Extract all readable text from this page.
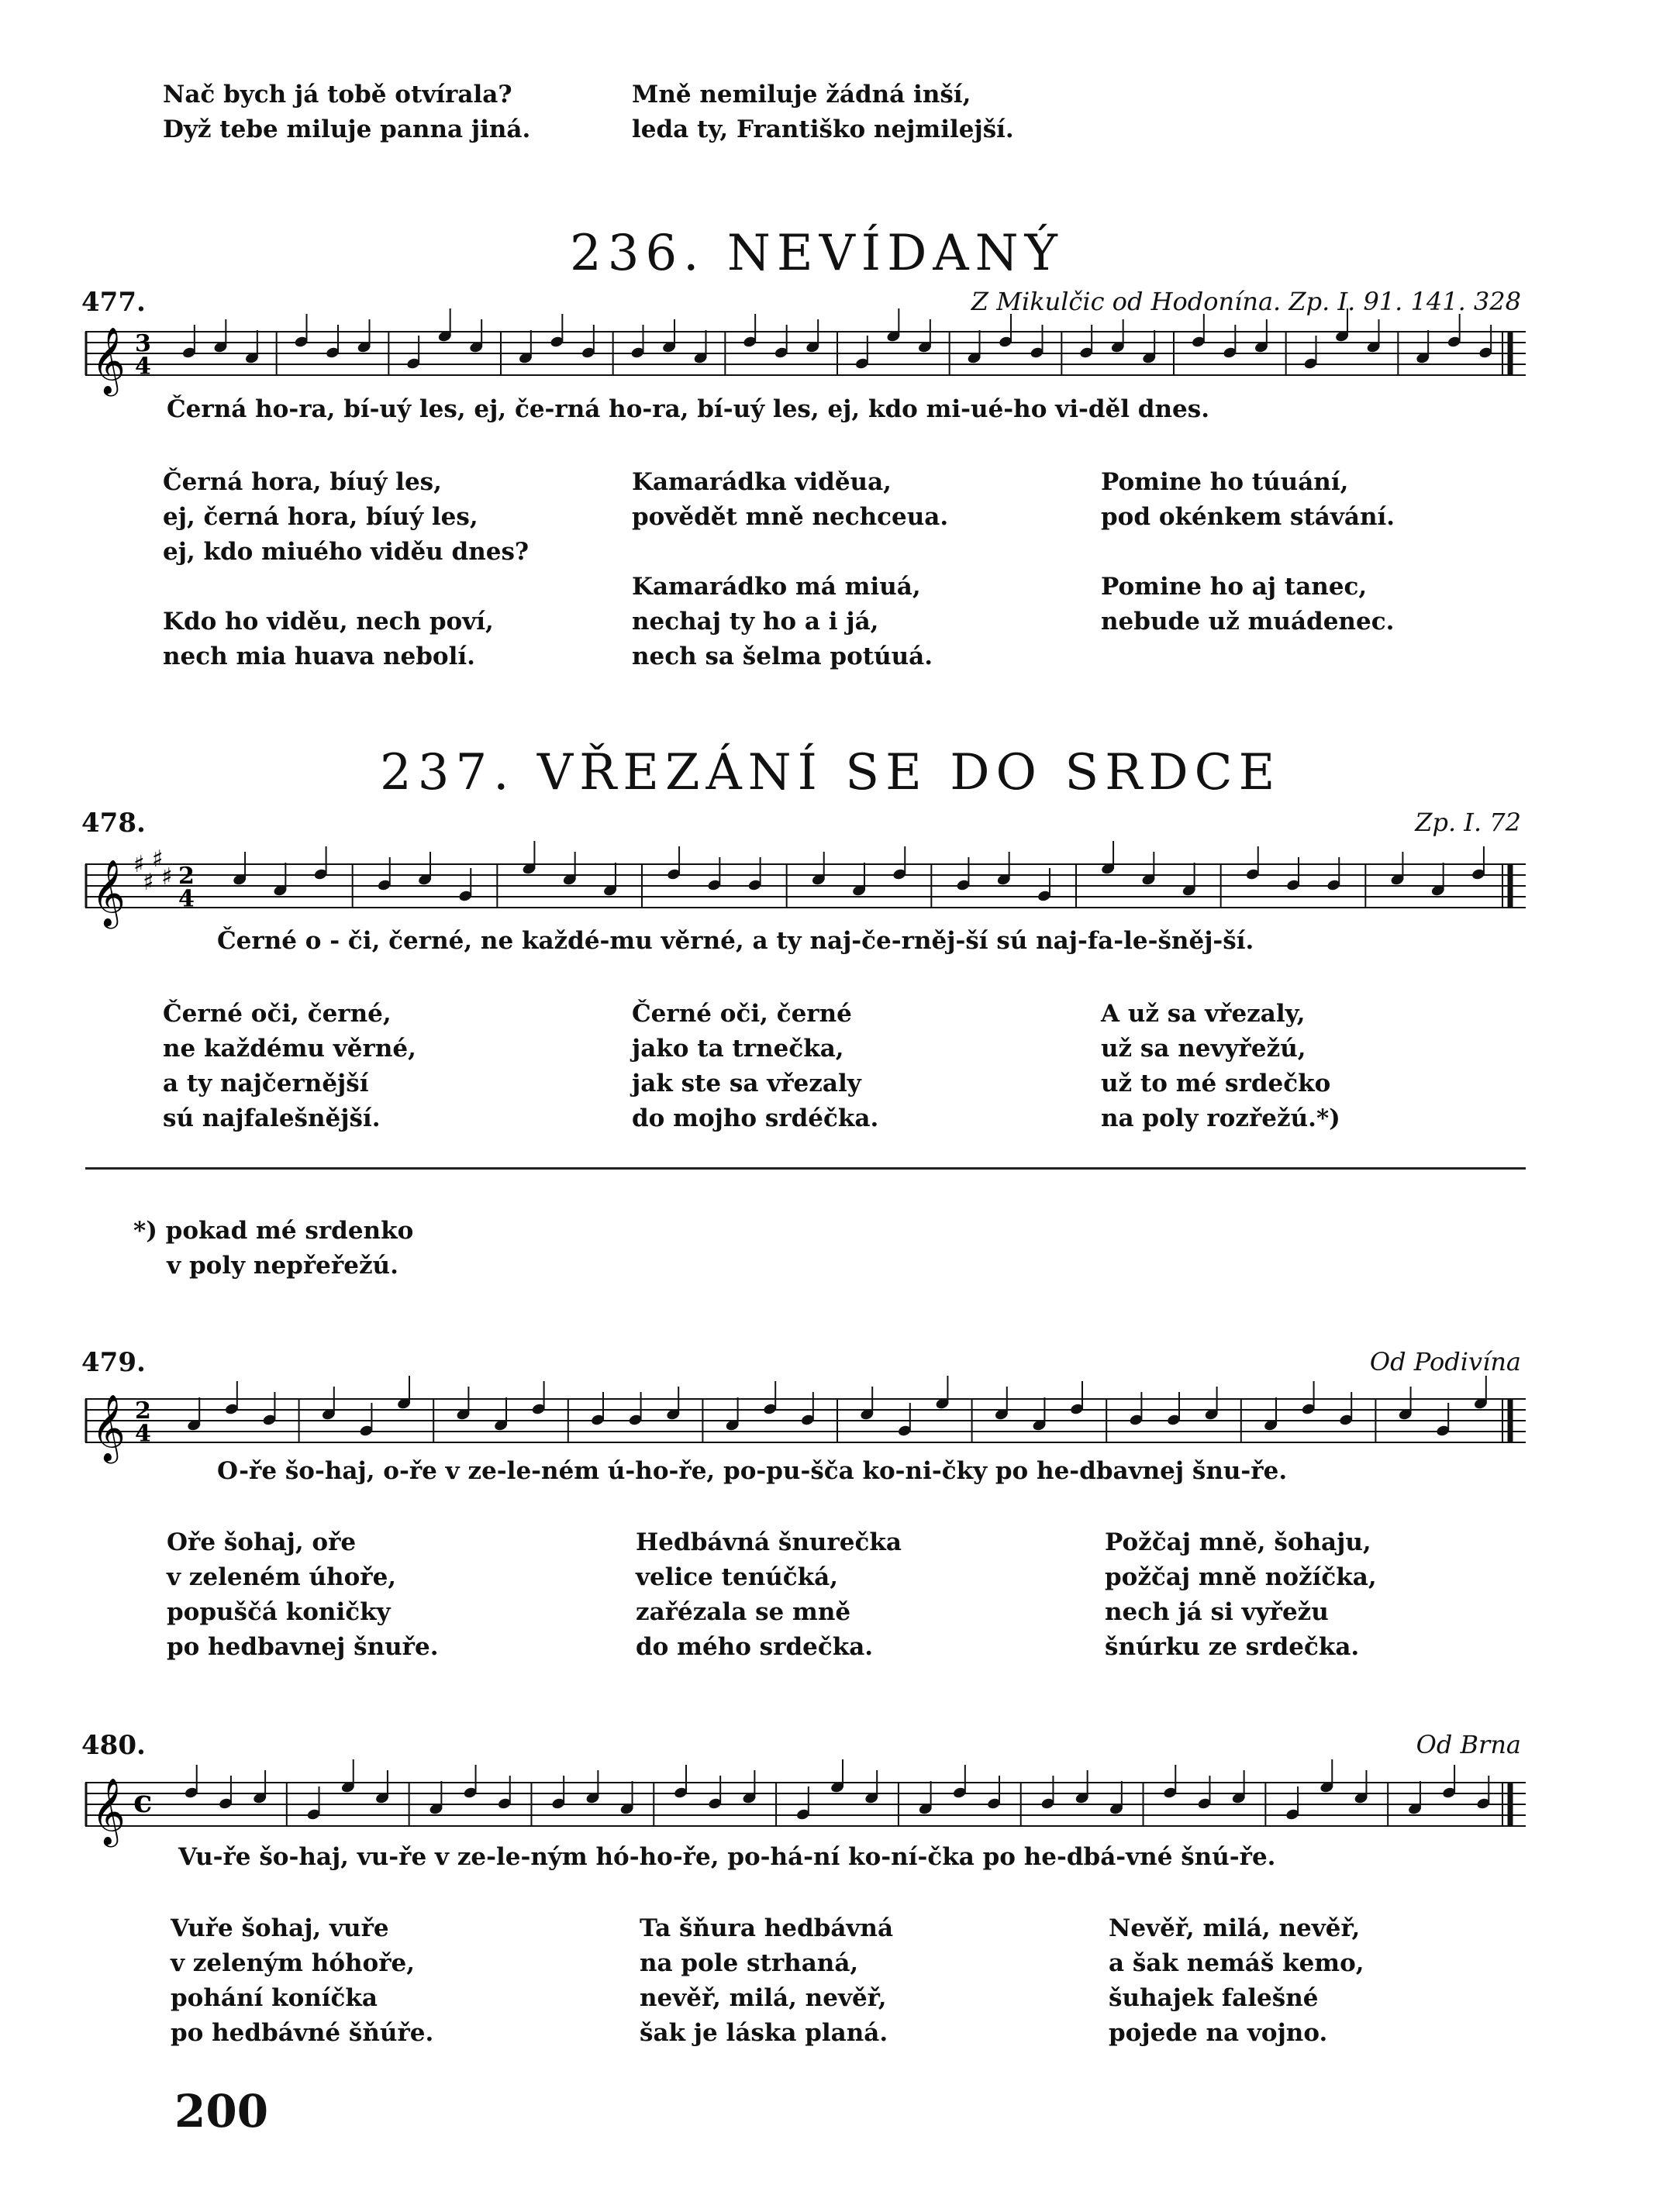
Nač bych já tobě otvírala?
Dyž tebe miluje panna jiná.
Mně nemiluje žádná inší,
leda ty, Františko nejmilejší.
236. NEVÍDANÝ
477.	Z Mikulčic od Hodonína. Zp. I. 91. 141. 328
𝄞 3
4
Černá ho-ra, bí-uý les, ej, če-rná ho-ra, bí-uý les, ej, kdo mi-ué-ho vi-děl dnes.
Černá hora, bíuý les,
ej, černá hora, bíuý les,
ej, kdo miuého viděu dnes?

Kdo ho viděu, nech poví,
nech mia huava nebolí.
Kamarádka viděua,
povědět mně nechceua.

Kamarádko má miuá,
nechaj ty ho a i já,
nech sa šelma potúuá.
Pomine ho túuání,
pod okénkem stávání.

Pomine ho aj tanec,
nebude už muádenec.
237. VŘEZÁNÍ SE DO SRDCE
478.	Zp. I. 72
𝄞 ♯
♯
♯
♯ 2
4
Černé o - či, černé, ne každé-mu věrné, a ty naj-če-rněj-ší sú naj-fa-le-šněj-ší.
Černé oči, černé,
ne každému věrné,
a ty najčernější
sú najfalešnější.
Černé oči, černé
jako ta trnečka,
jak ste sa vřezaly
do mojho srdéčka.
A už sa vřezaly,
už sa nevyřežú,
už to mé srdečko
na poly rozřežú.*)
*) pokad mé srdenko
v poly nepřeřežú.
479.	Od Podivína
𝄞 2
4
O-ře šo-haj, o-ře v ze-le-ném ú-ho-ře, po-pu-šča ko-ni-čky po he-dbavnej šnu-ře.
Oře šohaj, oře
v zeleném úhoře,
popuščá koničky
po hedbavnej šnuře.
Hedbávná šnurečka
velice tenúčká,
zařézala se mně
do mého srdečka.
Požčaj mně, šohaju,
požčaj mně nožíčka,
nech já si vyřežu
šnúrku ze srdečka.
480.	Od Brna
𝄞 c
Vu-ře šo-haj, vu-ře v ze-le-ným hó-ho-ře, po-há-ní ko-ní-čka po he-dbá-vné šnú-ře.
Vuře šohaj, vuře
v zeleným hóhoře,
pohání koníčka
po hedbávné šňúře.
Ta šňura hedbávná
na pole strhaná,
nevěř, milá, nevěř,
šak je láska planá.
Nevěř, milá, nevěř,
a šak nemáš kemo,
šuhajek falešné
pojede na vojno.
200
